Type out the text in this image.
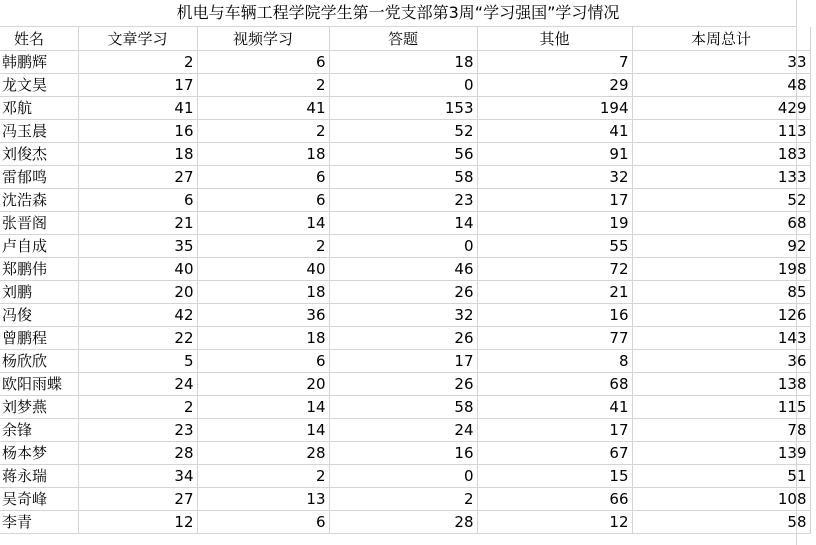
机电与车辆工程学院学生第一党支部第3周“学习强国”学习情况
姓名	文章学习	视频学习	答题	其他	本周总计
韩鹏辉	2	6	18	7	33
龙文昊	17	2	0	29	48
邓航	41	41	153	194	429
冯玉晨	16	2	52	41	113
刘俊杰	18	18	56	91	183
雷郁鸣	27	6	58	32	133
沈浩森	6	6	23	17	52
张晋阁	21	14	14	19	68
卢自成	35	2	0	55	92
郑鹏伟	40	40	46	72	198
刘鹏	20	18	26	21	85
冯俊	42	36	32	16	126
曾鹏程	22	18	26	77	143
杨欣欣	5	6	17	8	36
欧阳雨蝶	24	20	26	68	138
刘梦燕	2	14	58	41	115
余锋	23	14	24	17	78
杨本梦	28	28	16	67	139
蒋永瑞	34	2	0	15	51
吴奇峰	27	13	2	66	108
李青	12	6	28	12	58
